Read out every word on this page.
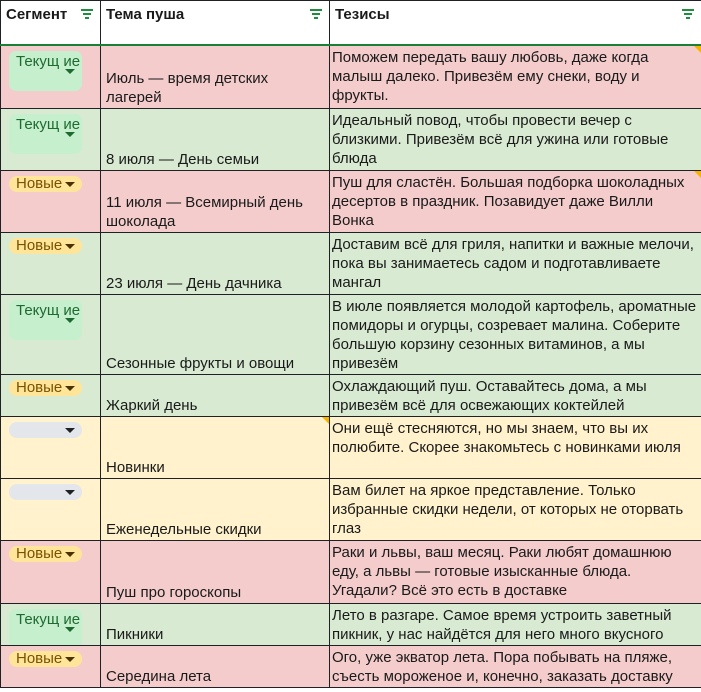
Сегмент	Тема пуша	Тезисы

Текущ ие	Июль — время детских лагерей	Поможем передать вашу любовь, даже когда малыш далеко. Привезём ему снеки, воду и фрукты.

Текущ ие	8 июля — День семьи	Идеальный повод, чтобы провести вечер с близкими. Привезём всё для ужина или готовые блюда

Новые	11 июля — Всемирный день шоколада	Пуш для сластён. Большая подборка шоколадных десертов в праздник. Позавидует даже Вилли Вонка

Новые	23 июля — День дачника	Доставим всё для гриля, напитки и важные мелочи, пока вы занимаетесь садом и подготавливаете мангал

Текущ ие	Сезонные фрукты и овощи	В июле появляется молодой картофель, ароматные помидоры и огурцы, созревает малина. Соберите большую корзину сезонных витаминов, а мы привезём

Новые	Жаркий день	Охлаждающий пуш. Оставайтесь дома, а мы привезём всё для освежающих коктейлей

	Новинки	Они ещё стесняются, но мы знаем, что вы их полюбите. Скорее знакомьтесь с новинками июля

	Еженедельные скидки	Вам билет на яркое представление. Только избранные скидки недели, от которых не оторвать глаз

Новые	Пуш про гороскопы	Раки и львы, ваш месяц. Раки любят домашнюю еду, а львы — готовые изысканные блюда. Угадали? Всё это есть в доставке

Текущ ие	Пикники	Лето в разгаре. Самое время устроить заветный пикник, у нас найдётся для него много вкусного

Новые	Середина лета	Ого, уже экватор лета. Пора побывать на пляже, съесть мороженое и, конечно, заказать доставку
